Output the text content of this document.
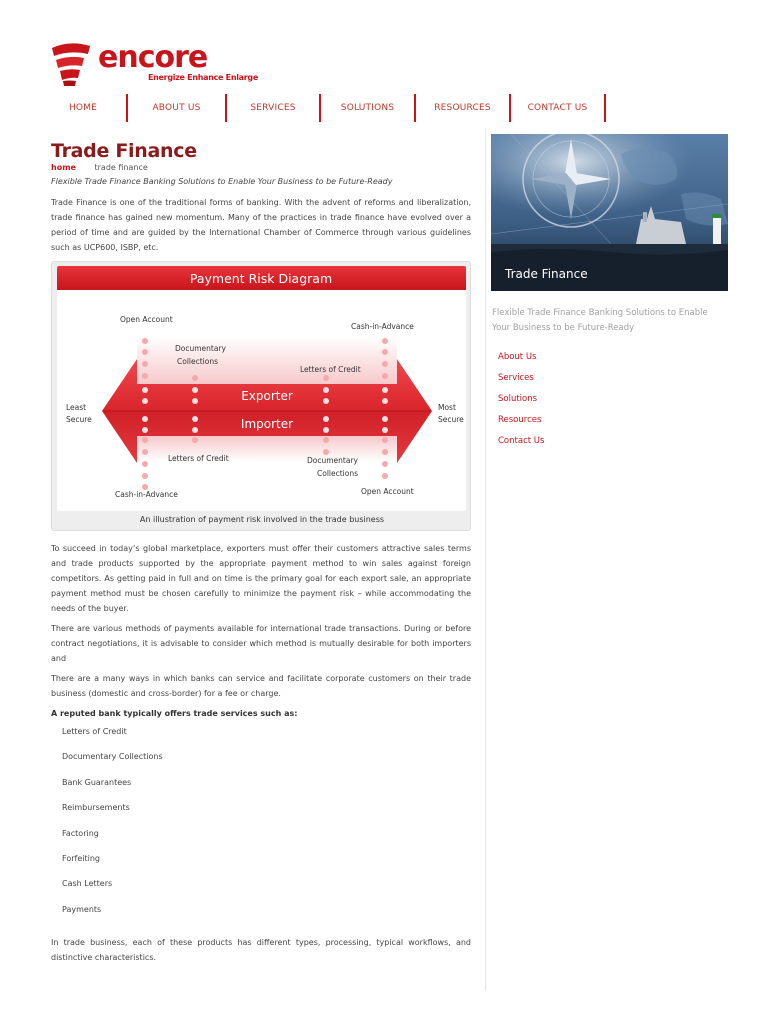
encore
Energize Enhance Enlarge
HOME	ABOUT US	SERVICES	SOLUTIONS	RESOURCES	CONTACT US
Trade Finance
home trade finance
Flexible Trade Finance Banking Solutions to Enable Your Business to be Future-Ready

Trade Finance is one of the traditional forms of banking. With the advent of reforms and liberalization, trade finance has gained new momentum. Many of the practices in trade finance have evolved over a period of time and are guided by the International Chamber of Commerce through various guidelines such as UCP600, ISBP, etc.

Payment Risk Diagram
Exporter
Importer
Least
Secure
Most
Secure
Open Account
Documentary
Collections
Letters of Credit
Cash-in-Advance
Letters of Credit	Documentary
Collections
Cash-in-Advance	Open Account
An illustration of payment risk involved in the trade business

To succeed in today’s global marketplace, exporters must offer their customers attractive sales terms and trade products supported by the appropriate payment method to win sales against foreign competitors. As getting paid in full and on time is the primary goal for each export sale, an appropriate payment method must be chosen carefully to minimize the payment risk – while accommodating the needs of the buyer.

There are various methods of payments available for international trade transactions. During or before contract negotiations, it is advisable to consider which method is mutually desirable for both importers and

There are a many ways in which banks can service and facilitate corporate customers on their trade business (domestic and cross-border) for a fee or charge.

A reputed bank typically offers trade services such as:
Letters of Credit
Documentary Collections
Bank Guarantees
Reimbursements
Factoring
Forfeiting
Cash Letters
Payments

In trade business, each of these products has different types, processing, typical workflows, and distinctive characteristics.

Trade Finance
Flexible Trade Finance Banking Solutions to Enable Your Business to be Future-Ready
About Us
Services
Solutions
Resources
Contact Us
